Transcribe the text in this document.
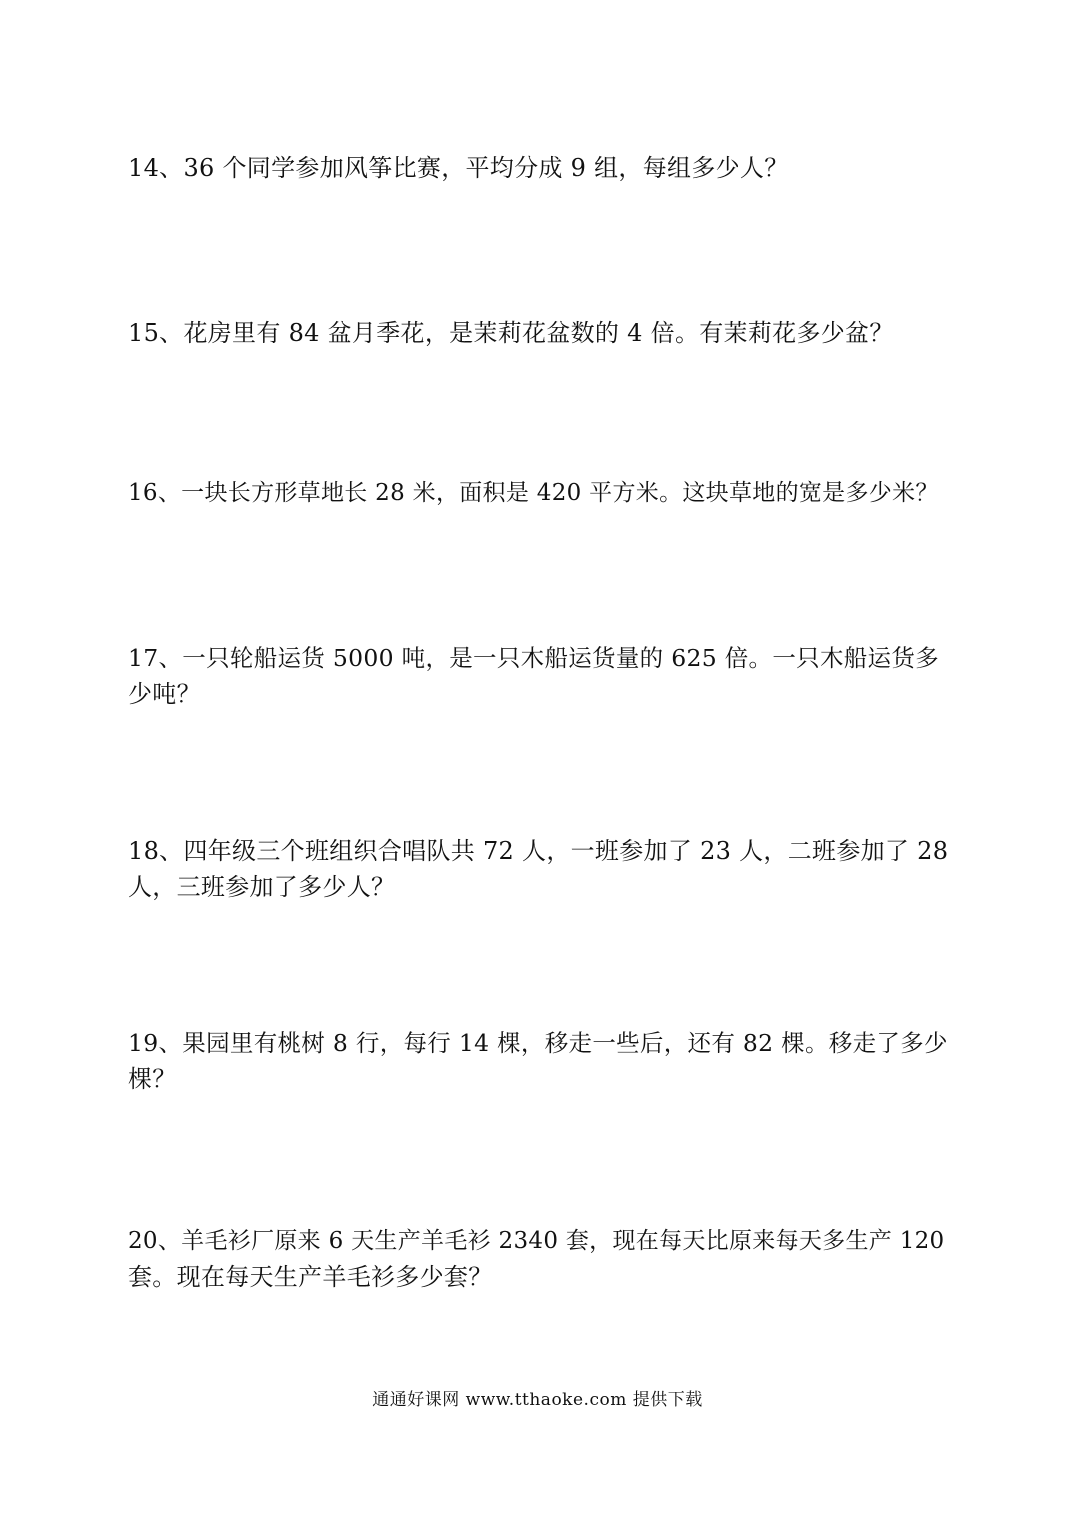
14、36 个同学参加风筝比赛，平均分成 9 组，每组多少人？
15、花房里有 84 盆月季花，是茉莉花盆数的 4 倍。有茉莉花多少盆？
16、一块长方形草地长 28 米，面积是 420 平方米。这块草地的宽是多少米？
17、一只轮船运货 5000 吨，是一只木船运货量的 625 倍。一只木船运货多
少吨？
18、四年级三个班组织合唱队共 72 人，一班参加了 23 人，二班参加了 28
人，三班参加了多少人？
19、果园里有桃树 8 行，每行 14 棵，移走一些后，还有 82 棵。移走了多少
棵？
20、羊毛衫厂原来 6 天生产羊毛衫 2340 套，现在每天比原来每天多生产 120
套。现在每天生产羊毛衫多少套？
通通好课网 www.tthaoke.com 提供下载
